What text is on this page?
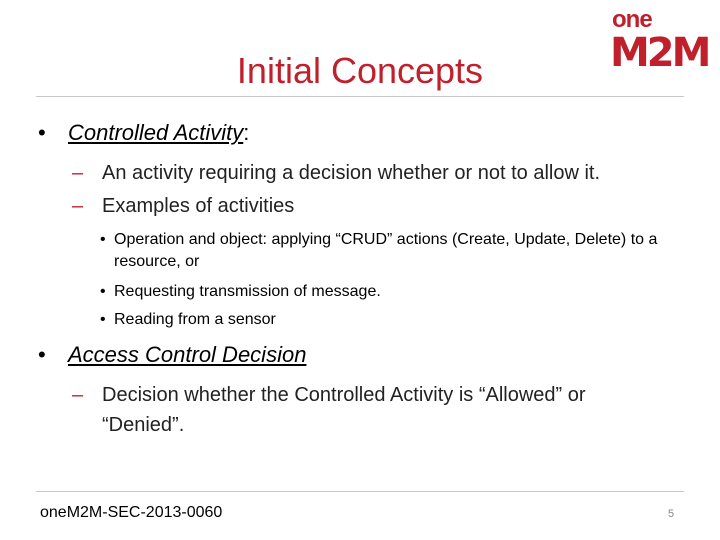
Initial Concepts
one
M2M
• Controlled Activity:
– An activity requiring a decision whether or not to allow it.
– Examples of activities
• Operation and object: applying “CRUD” actions (Create, Update, Delete) to a resource, or
• Requesting transmission of message.
• Reading from a sensor
• Access Control Decision
– Decision whether the Controlled Activity is “Allowed” or
“Denied”.
oneM2M-SEC-2013-0060	5
